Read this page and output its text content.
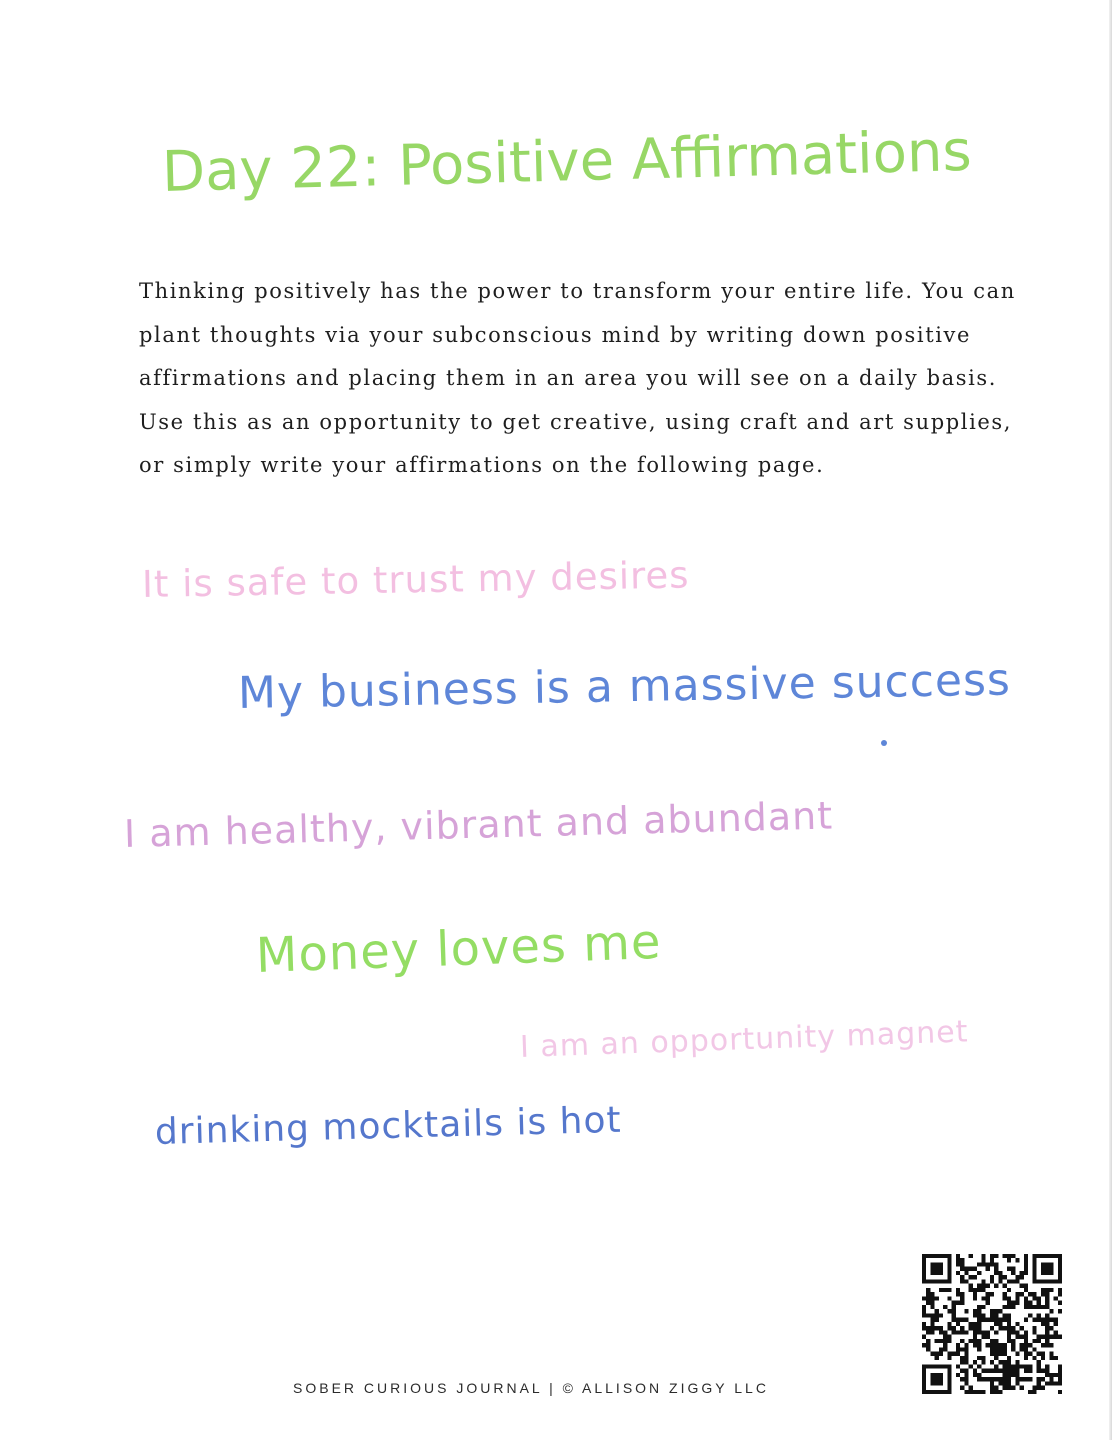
Day 22: Positive Affirmations

Thinking positively has the power to transform your entire life. You can plant thoughts via your subconscious mind by writing down positive affirmations and placing them in an area you will see on a daily basis. Use this as an opportunity to get creative, using craft and art supplies, or simply write your affirmations on the following page.

It is safe to trust my desires
My business is a massive success
I am healthy, vibrant and abundant
Money loves me
I am an opportunity magnet
drinking mocktails is hot
SOBER CURIOUS JOURNAL | © ALLISON ZIGGY LLC
